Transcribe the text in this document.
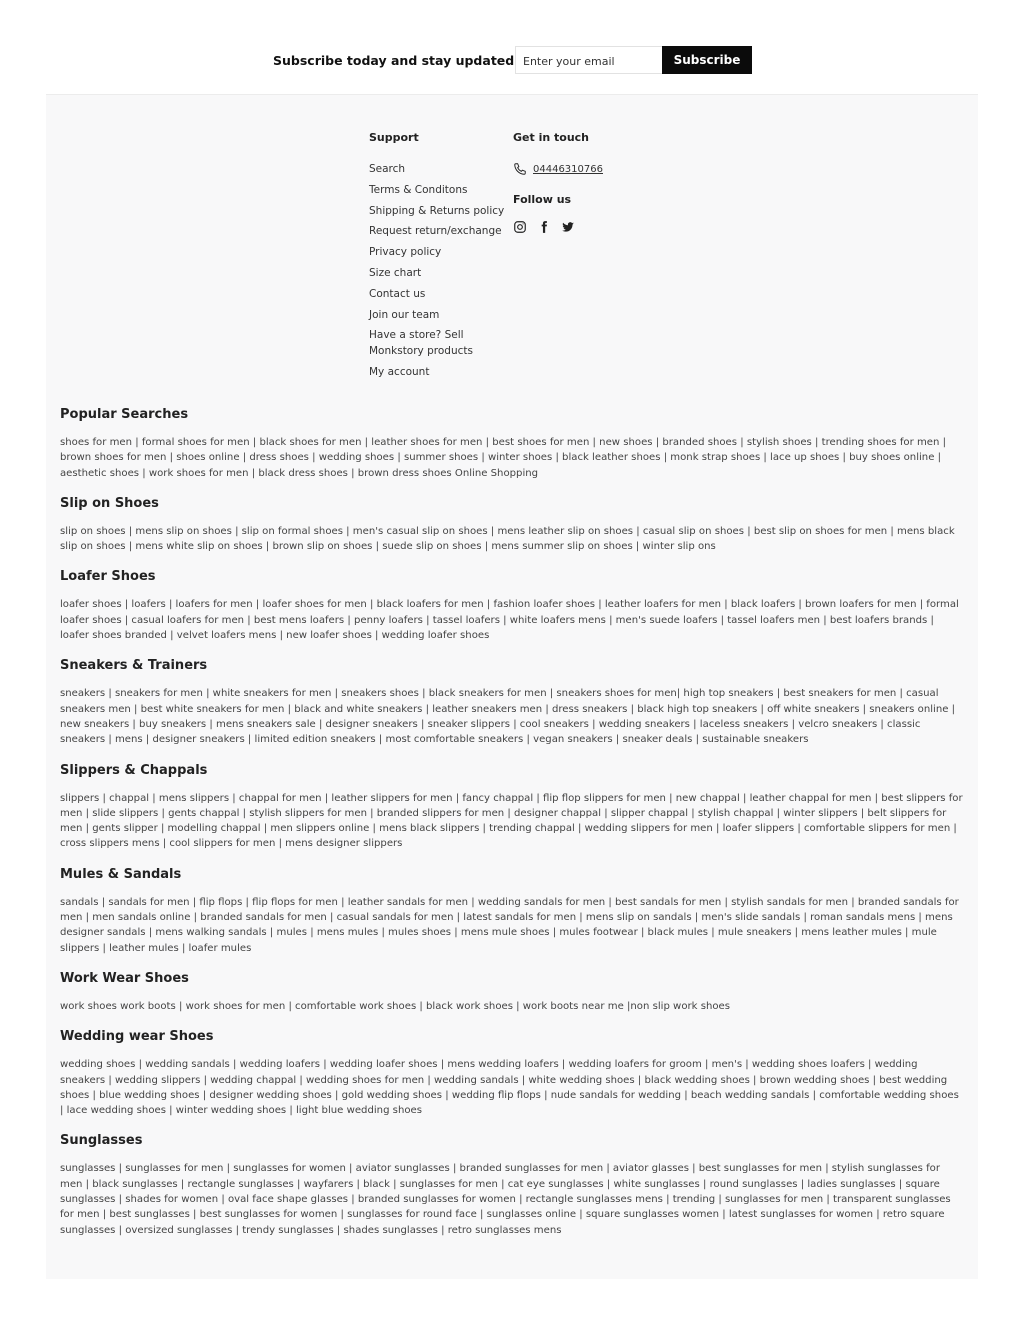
Subscribe today and stay updated
Enter your email	Subscribe
Support
Search
Terms & Conditons
Shipping & Returns policy
Request return/exchange
Privacy policy
Size chart
Contact us
Join our team
Have a store? Sell Monkstory products
My account
Get in touch
04446310766
Follow us

Popular Searches

shoes for men | formal shoes for men | black shoes for men | leather shoes for men | best shoes for men | new shoes | branded shoes | stylish shoes | trending shoes for men | brown shoes for men | shoes online | dress shoes | wedding shoes | summer shoes | winter shoes | black leather shoes | monk strap shoes | lace up shoes | buy shoes online | aesthetic shoes | work shoes for men | black dress shoes | brown dress shoes Online Shopping

Slip on Shoes

slip on shoes | mens slip on shoes | slip on formal shoes | men's casual slip on shoes | mens leather slip on shoes | casual slip on shoes | best slip on shoes for men | mens black slip on shoes | mens white slip on shoes | brown slip on shoes | suede slip on shoes | mens summer slip on shoes | winter slip ons

Loafer Shoes

loafer shoes | loafers | loafers for men | loafer shoes for men | black loafers for men | fashion loafer shoes | leather loafers for men | black loafers | brown loafers for men | formal loafer shoes | casual loafers for men | best mens loafers | penny loafers | tassel loafers | white loafers mens | men's suede loafers | tassel loafers men | best loafers brands | loafer shoes branded | velvet loafers mens | new loafer shoes | wedding loafer shoes

Sneakers & Trainers

sneakers | sneakers for men | white sneakers for men | sneakers shoes | black sneakers for men | sneakers shoes for men| high top sneakers | best sneakers for men | casual sneakers men | best white sneakers for men | black and white sneakers | leather sneakers men | dress sneakers | black high top sneakers | off white sneakers | sneakers online | new sneakers | buy sneakers | mens sneakers sale | designer sneakers | sneaker slippers | cool sneakers | wedding sneakers | laceless sneakers | velcro sneakers | classic sneakers | mens | designer sneakers | limited edition sneakers | most comfortable sneakers | vegan sneakers | sneaker deals | sustainable sneakers

Slippers & Chappals

slippers | chappal | mens slippers | chappal for men | leather slippers for men | fancy chappal | flip flop slippers for men | new chappal | leather chappal for men | best slippers for men | slide slippers | gents chappal | stylish slippers for men | branded slippers for men | designer chappal | slipper chappal | stylish chappal | winter slippers | belt slippers for men | gents slipper | modelling chappal | men slippers online | mens black slippers | trending chappal | wedding slippers for men | loafer slippers | comfortable slippers for men | cross slippers mens | cool slippers for men | mens designer slippers

Mules & Sandals

sandals | sandals for men | flip flops | flip flops for men | leather sandals for men | wedding sandals for men | best sandals for men | stylish sandals for men | branded sandals for men | men sandals online | branded sandals for men | casual sandals for men | latest sandals for men | mens slip on sandals | men's slide sandals | roman sandals mens | mens designer sandals | mens walking sandals | mules | mens mules | mules shoes | mens mule shoes | mules footwear | black mules | mule sneakers | mens leather mules | mule slippers | leather mules | loafer mules

Work Wear Shoes

work shoes work boots | work shoes for men | comfortable work shoes | black work shoes | work boots near me |non slip work shoes

Wedding wear Shoes

wedding shoes | wedding sandals | wedding loafers | wedding loafer shoes | mens wedding loafers | wedding loafers for groom | men's | wedding shoes loafers | wedding sneakers | wedding slippers | wedding chappal | wedding shoes for men | wedding sandals | white wedding shoes | black wedding shoes | brown wedding shoes | best wedding shoes | blue wedding shoes | designer wedding shoes | gold wedding shoes | wedding flip flops | nude sandals for wedding | beach wedding sandals | comfortable wedding shoes | lace wedding shoes | winter wedding shoes | light blue wedding shoes

Sunglasses

sunglasses | sunglasses for men | sunglasses for women | aviator sunglasses | branded sunglasses for men | aviator glasses | best sunglasses for men | stylish sunglasses for men | black sunglasses | rectangle sunglasses | wayfarers | black | sunglasses for men | cat eye sunglasses | white sunglasses | round sunglasses | ladies sunglasses | square sunglasses | shades for women | oval face shape glasses | branded sunglasses for women | rectangle sunglasses mens | trending | sunglasses for men | transparent sunglasses for men | best sunglasses | best sunglasses for women | sunglasses for round face | sunglasses online | square sunglasses women | latest sunglasses for women | retro square sunglasses | oversized sunglasses | trendy sunglasses | shades sunglasses | retro sunglasses mens
